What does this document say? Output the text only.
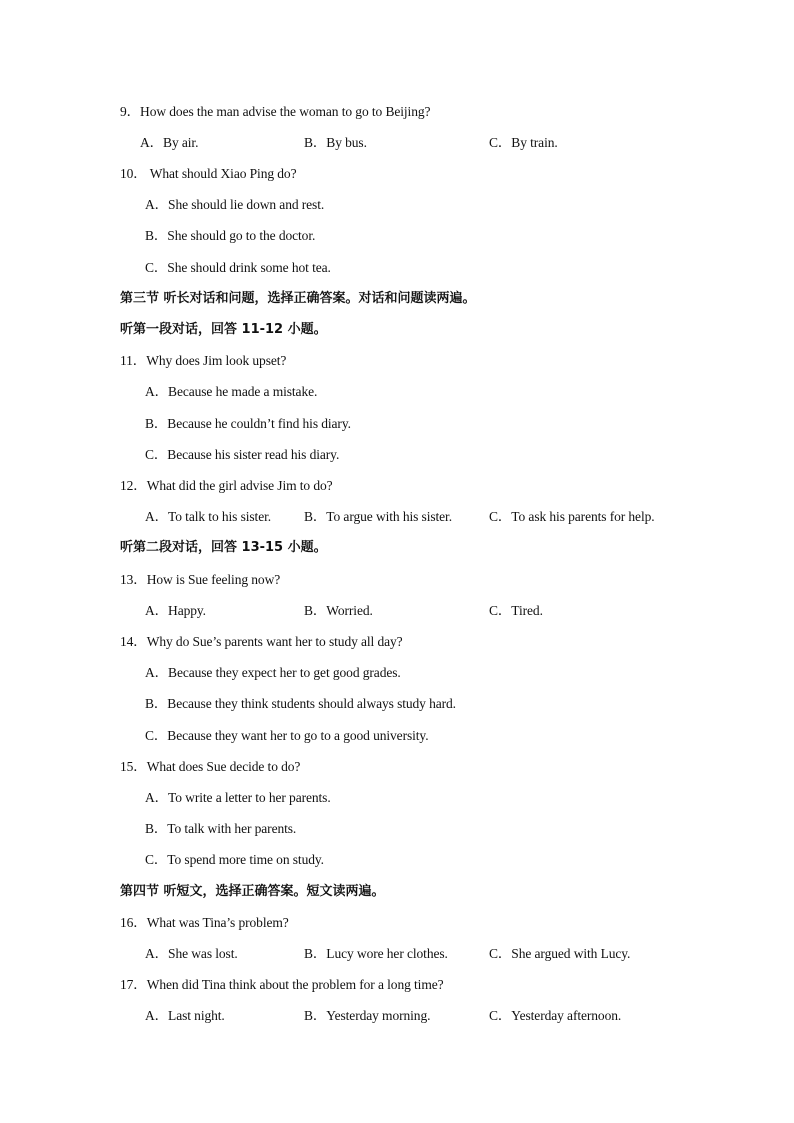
9．How does the man advise the woman to go to Beijing?
A．By air.	B．By bus.	C．By train.
10． What should Xiao Ping do?
A．She should lie down and rest.
B．She should go to the doctor.
C．She should drink some hot tea.
第三节 听长对话和问题，选择正确答案。对话和问题读两遍。
听第一段对话，回答 11-12 小题。
11．Why does Jim look upset?
A．Because he made a mistake.
B．Because he couldn’t find his diary.
C．Because his sister read his diary.
12．What did the girl advise Jim to do?
A．To talk to his sister. B．To argue with his sister.	C．To ask his parents for help.
听第二段对话，回答 13-15 小题。
13．How is Sue feeling now?
A．Happy.	B．Worried.	C．Tired.
14．Why do Sue’s parents want her to study all day?
A．Because they expect her to get good grades.
B．Because they think students should always study hard.
C．Because they want her to go to a good university.
15．What does Sue decide to do?
A．To write a letter to her parents.
B．To talk with her parents.
C．To spend more time on study.
第四节 听短文，选择正确答案。短文读两遍。
16．What was Tina’s problem?
A．She was lost.	B．Lucy wore her clothes.	C．She argued with Lucy.
17．When did Tina think about the problem for a long time?
A．Last night.	B．Yesterday morning.	C．Yesterday afternoon.
